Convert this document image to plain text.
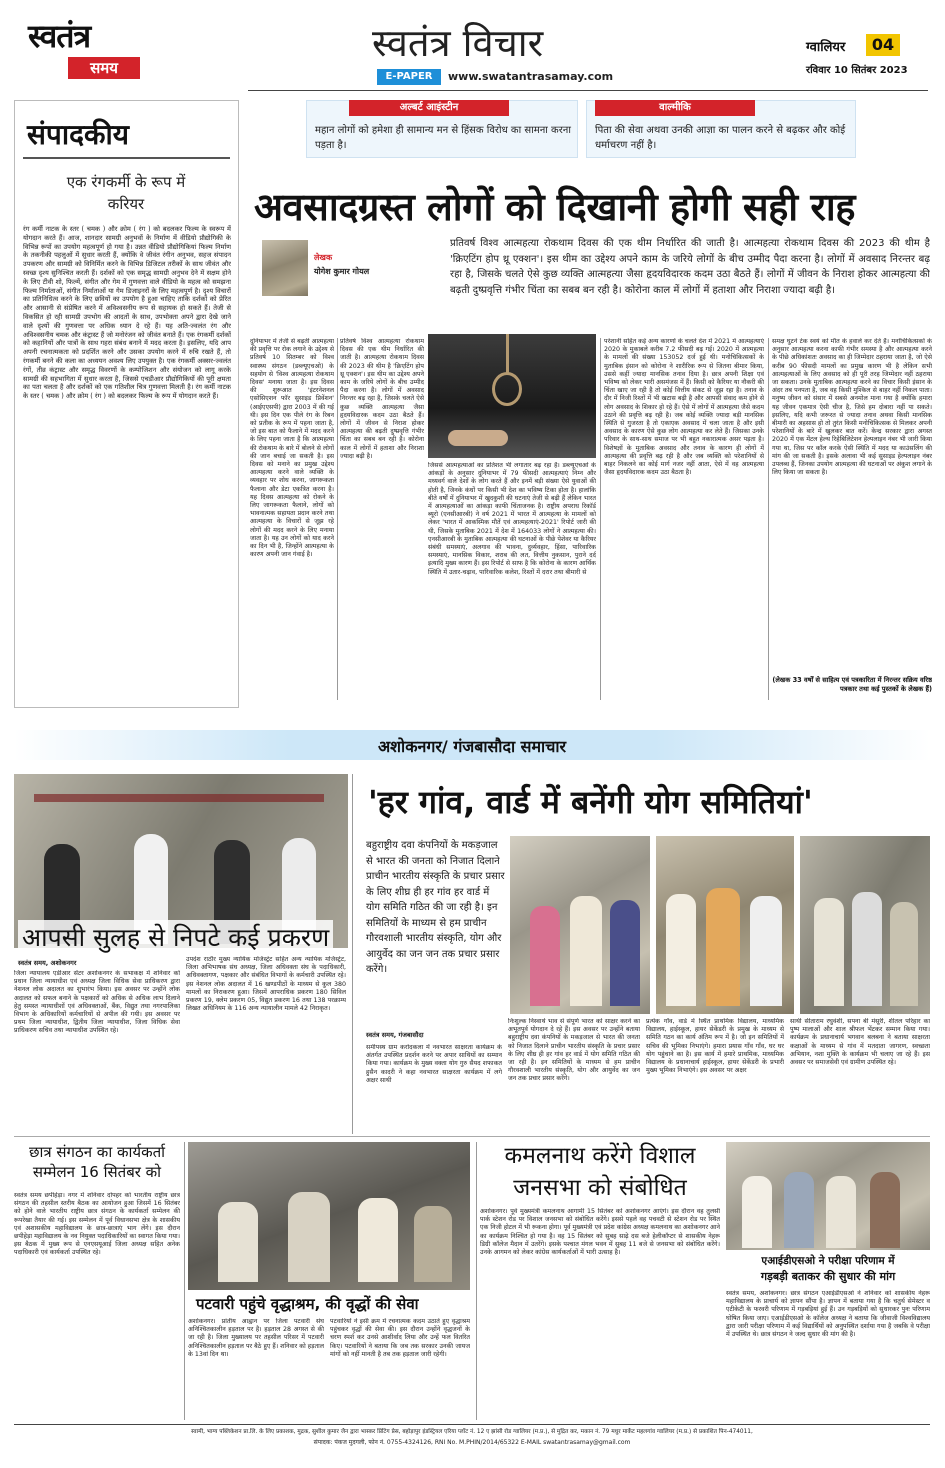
स्वतंत्र
समय
स्वतंत्र विचार
E-PAPER	www.swatantrasamay.com
ग्वालियर	04
रविवार 10 सितंबर 2023
संपादकीय
एक रंगकर्मी के रूप में करियर
रंग कर्मी नाटक के स्तर ( चमक ) और क्रोम ( रंग ) को बदलकर फिल्म के स्वरूप में योगदान करते हैं। आज, शानदार सामग्री अनुभवों के निर्माण में वीडियो प्रौद्योगिकी के विभिन्न रूपों का उपयोग महत्वपूर्ण हो गया है। उन्नत वीडियो प्रौद्योगिकियां फिल्म निर्माण के तकनीकी पहलुओं में सुधार करती हैं, क्योंकि वे जीवंत रंगीन अनुभव, सहज संपादन उपकरण और सामग्री को विनिर्मित करने के विभिन्न डिजिटल तरीकों के साथ जीवंत और स्वच्छ दृश्य सुनिश्चित करती हैं। दर्शकों को एक समृद्ध सामग्री अनुभव देने में सक्षम होने के लिए टीवी शो, फिल्में, संगीत और गेम में गुणवत्ता वाले वीडियो के महत्व को समझना फिल्म निर्माताओं, संगीत निर्माताओं या गेम डिजाइनरों के लिए महत्वपूर्ण है। दृश्य विचारों का प्रतिनिधित्व करने के लिए छवियों का उपयोग है हुआ चाहिए ताकि दर्शकों को प्रेरित और आसानी से संप्रेषित करने में अविश्वसनीय रूप से सहायक हो सकते हैं। तेजी से विकसित हो रही सामग्री उपभोग की आदतों के साथ, उपभोक्ता अपने द्वारा देखे जाने वाले दृश्यों की गुणवत्ता पर अधिक ध्यान दे रहे हैं। यह अति-ज्वलंत रंग और अविश्वसनीय चमक और कंट्रास्ट हैं जो मनोरंजन को जीवंत बनाते हैं। एक रंगकर्मी दर्शकों को कहानियों और पात्रों के साथ गहरा संबंध बनाने में मदद करता है। इसलिए, यदि आप अपनी रचनात्मकता को प्रदर्शित करने और उसका उपयोग करने में रुचि रखते हैं, तो रंगकर्मी बनने की कला का अध्ययन अवश्य लिए उपयुक्त है। एक रंगकर्मी अक्सर-ज्वलंत रंगों, तीव्र कंट्रास्ट और समृद्ध विवरणों के कम्पोजिशन और संयोजन को लागू करके सामग्री की सहभागिता में सुधार करता है, जिससे एचडीआर प्रौद्योगिकियों की पूरी क्षमता का पता चलता है और दर्शकों को एक गतिशील चित्र गुणवत्ता मिलती है। रंग कर्मी नाटक के स्तर ( चमक ) और क्रोम ( रंग ) को बदलकर फिल्म के रूप में योगदान करते हैं।
अल्बर्ट आइंस्टीन
महान लोगों को हमेशा ही सामान्य मन से हिंसक विरोध का सामना करना पड़ता है।
वाल्मीकि
पिता की सेवा अथवा उनकी आज्ञा का पालन करने से बढ़कर और कोई धर्माचरण नहीं है।
अवसादग्रस्त लोगों को दिखानी होगी सही राह
लेखक
योगेश कुमार गोयल
प्रतिवर्ष विश्व आत्महत्या रोकथाम दिवस की एक थीम निर्धारित की जाती है। आत्महत्या रोकथाम दिवस की 2023 की थीम है 'क्रिएटिंग होप थ्रू एक्शन'। इस थीम का उद्देश्य अपने काम के जरिये लोगों के बीच उम्मीद पैदा करना है। लोगों में अवसाद निरन्तर बढ़ रहा है, जिसके चलते ऐसे कुछ व्यक्ति आत्महत्या जैसा हृदयविदारक कदम उठा बैठते हैं। लोगों में जीवन के निराश होकर आत्महत्या की बढ़ती दुष्प्रवृत्ति गंभीर चिंता का सबब बन रही है। कोरोना काल में लोगों में हताशा और निराशा ज्यादा बढ़ी है।
दुनियाभर में तेजी से बढ़ती आत्महत्या की प्रवृत्ति पर रोक लगाने के उद्देश्य से प्रतिवर्ष 10 सितम्बर को विश्व स्वास्थ्य संगठन (डब्ल्यूएचओ) के सहयोग से 'विश्व आत्महत्या रोकथाम दिवस' मनाया जाता है। इस दिवस की शुरूआत 'इंटरनेशनल एसोसिएशन फॉर सुसाइड प्रिवेंशन' (आईएएसपी) द्वारा 2003 में की गई थी। इस दिन एक पीले रंग के रिबन को प्रतीक के रूप में पहना जाता है, जो इस बात को फैलाने में मदद करने के लिए पहना जाता है कि आत्महत्या की रोकथाम के बारे में बोलने से लोगों की जान बचाई जा सकती है। इस दिवस को मनाने का प्रमुख उद्देश्य आत्महत्या करने वाले व्यक्ति के व्यवहार पर शोध करना, जागरूकता फैलाना और डेटा एकत्रित करना है। यह दिवस आत्महत्या को रोकने के लिए जागरूकता फैलाने, लोगों को भावनात्मक सहायता प्रदान करने तथा आत्महत्या के विचारों से जूझ रहे लोगों की मदद करने के लिए मनाया जाता है। यह उन लोगों को याद करने का दिन भी है, जिन्होंने आत्महत्या के कारण अपनी जान गंवाई है।
प्रतिवर्ष विश्व आत्महत्या रोकथाम दिवस की एक थीम निर्धारित की जाती है। आत्महत्या रोकथाम दिवस की 2023 की थीम है 'क्रिएटिंग होप थ्रू एक्शन'। इस थीम का उद्देश्य अपने काम के जरिये लोगों के बीच उम्मीद पैदा करना है। लोगों में अवसाद निरन्तर बढ़ रहा है, जिसके चलते ऐसे कुछ व्यक्ति आत्महत्या जैसा हृदयविदारक कदम उठा बैठते हैं। लोगों में जीवन से निराश होकर आत्महत्या की बढ़ती दुष्प्रवृत्ति गंभीर चिंता का सबब बन रही है। कोरोना काल में लोगों में हताशा और निराशा ज्यादा बढ़ी है।
जिससे आत्महत्याओं का प्रतिशत भी लगातार बढ़ रहा है। डब्ल्यूएचओ के आंकड़ों के अनुसार दुनियाभर में 79 फीसदी आत्महत्याएं निम्न और मध्यवर्ग वाले देशों के लोग करते हैं और इनमें बड़ी संख्या ऐसे युवाओं की होती है, जिनके कंधों पर किसी भी देश का भविष्य टिका होता है। हालांकि बीते वर्षों में दुनियाभर में खुदकुशी की घटनाएं तेजी से बढ़ी हैं लेकिन भारत में आत्महत्याओं का आंकड़ा काफी चिंताजनक है। राष्ट्रीय अपराध रिकॉर्ड ब्यूरो (एनसीआरबी) ने वर्ष 2021 में भारत में आत्महत्या के मामलों को लेकर 'भारत में आकस्मिक मौतें एवं आत्महत्याएं-2021' रिपोर्ट जारी की थी, जिसके मुताबिक 2021 में देश में 164033 लोगों ने आत्महत्या की। एनसीआरबी के मुताबिक आत्महत्या की घटनाओं के पीछे पेशेवर या कैरियर संबंधी समस्याएं, अलगाव की भावना, दुर्व्यवहार, हिंसा, पारिवारिक समस्याएं, मानसिक विकार, शराब की लत, वित्तीय नुकसान, पुराने दर्द इत्यादि मुख्य कारण हैं। इस रिपोर्ट से साफ है कि कोरोना के कारण आर्थिक स्थिति में उतार-चढ़ाव, पारिवारिक कलेश, रिश्तों में दरार तथा बीमारी से
परेशानी सहित कई अन्य कारणों के चलते देश में 2021 में आत्महत्याएं 2020 के मुकाबले करीब 7.2 फीसदी बढ़ गई। 2020 में आत्महत्या के मामलों की संख्या 153052 दर्ज हुई थी। मनोचिकित्सकों के मुताबिक इंसान को कोरोना ने शारीरिक रूप से जितना बीमार किया, उससे कहीं ज्यादा मानसिक तनाव दिया है। छात्र अपनी शिक्षा एवं भविष्य को लेकर भारी असमंजस में हैं। किसी को कैरियर या नौकरी की चिंता खाए जा रही है तो कोई वित्तीय संकट से जूझ रहा है। तनाव के दौर में निजी रिश्तों में भी खटास बढ़ी है और आपसी संवाद कम होने से लोग अवसाद के शिकार हो रहे हैं। ऐसे में लोगों में आत्महत्या जैसे कदम उठाने की प्रवृत्ति बढ़ रही है। जब कोई व्यक्ति ज्यादा बड़ी मानसिक स्थिति से गुजरता है तो एकाएक अवसाद में चला जाता है और इसी अवसाद के कारण ऐसे कुछ लोग आत्महत्या कर लेते हैं। जिसका उनके परिवार के साथ-साथ समाज पर भी बहुत नकारात्मक असर पड़ता है। विशेषज्ञों के मुताबिक अवसाद और तनाव के कारण ही लोगों में आत्महत्या की प्रवृत्ति बढ़ रही है और जब व्यक्ति को परेशानियों से बाहर निकलने का कोई मार्ग नजर नहीं आता, ऐसे में वह आत्महत्या जैसा हृदयविदारक कदम उठा बैठता है।
समक्ष घुटने टेक स्वयं को मौत के हवाले कर देते हैं। मनोचिकित्सकों के अनुसार आत्महत्या करना काफी गंभीर समस्या है और आत्महत्या करने के पीछे अधिकांशतः अवसाद का ही जिम्मेदार ठहराया जाता है, जो ऐसे करीब 90 फीसदी मामलों का प्रमुख कारण भी है लेकिन सभी आत्महत्याओं के लिए अवसाद को ही पूरी तरह जिम्मेदार नहीं ठहराया जा सकता। उनके मुताबिक आत्महत्या करने का विचार किसी इंसान के अंदर तब पनपता है, जब वह किसी मुश्किल से बाहर नहीं निकल पाता। मनुष्य जीवन को संसार में सबसे अनमोल माना गया है क्योंकि हमारा यह जीवन एकमात्र ऐसी चीज है, जिसे हम दोबारा नहीं पा सकते। इसलिए, यदि कभी जरूरत से ज्यादा तनाव अथवा किसी मानसिक बीमारी का अहसास हो तो तुरंत किसी मनोचिकित्सक से मिलकर अपनी परेशानियों के बारे में खुलकर बात करें। केन्द्र सरकार द्वारा अगस्त 2020 में एक मेंटल हेल्थ रिहेबिलिटेशन हेल्पलाइन नंबर भी जारी किया गया था, जिस पर कॉल करके ऐसी स्थिति में मदद या काउंसलिंग की मांग की जा सकती है। इसके अलावा भी कई सुसाइड हेल्पलाइन नंबर उपलब्ध हैं, जिनका उपयोग आत्महत्या की घटनाओं पर अंकुश लगाने के लिए किया जा सकता है।
(लेखक 33 वर्षों से साहित्य एवं पत्रकारिता में निरन्तर सक्रिय वरिष्ठ पत्रकार तथा कई पुस्तकों के लेखक हैं)
अशोकनगर/ गंजबासौदा समाचार
आपसी सुलह से निपटे कई प्रकरण
स्वतंत्र समय, अशोकनगर
जिला न्यायालय एडीआर सेंटर अशोकनगर के सभाकक्ष में शनिवार को प्रधान जिला न्यायाधीश एवं अध्यक्ष जिला विधिक सेवा प्राधिकरण द्वारा नेशनल लोक अदालत का शुभारंभ किया। इस अवसर पर उन्होंने लोक अदालत को सफल बनाने के पक्षकारों को अधिक से अधिक लाभ दिलाने हेतु समस्त न्यायाधीशों एवं अधिवक्ताओं, बैंक, विद्युत तथा नगरपालिका विभाग के अधिकारियों कर्मचारियों से अपील की गयी। इस अवसर पर प्रथम जिला न्यायाधीश, द्वितीय जिला न्यायाधीश, जिला विधिक सेवा प्राधिकरण सचिव तथा न्यायाधीश उपस्थित रहे।
उपदेश राठौर मुख्य न्यायिक मजिस्ट्रेट सहित अन्य न्यायिक मजिस्ट्रेट, जिला अभिभाषक संघ अध्यक्ष, जिला अधिवक्ता संघ के पदाधिकारी, अधिवक्तागण, पक्षकार और संबंधित विभागों के कर्मचारी उपस्थित रहे। इस नेशनल लोक अदालत में 16 खण्डपीठों के माध्यम से कुल 380 मामलों का निराकरण हुआ। जिसमें आपराधिक प्रकरण 180 सिविल प्रकरण 19, क्लेम प्रकरण 05, विद्युत प्रकरण 16 तथा 138 परक्राम्य लिखत अधिनियम के 116 अन्य न्यायालीन मामले 42 निराकृत।
'हर गांव, वार्ड में बनेंगी योग समितियां'
बहुराष्ट्रीय दवा कंपनियों के मकड़जाल से भारत की जनता को निजात दिलाने प्राचीन भारतीय संस्कृति के प्रचार प्रसार के लिए शीघ्र ही हर गांव हर वार्ड में योग समिति गठित की जा रही है। इन समितियों के माध्यम से हम प्राचीन गौरवशाली भारतीय संस्कृति, योग और आयुर्वेद का जन जन तक प्रचार प्रसार करेंगे।
स्वतंत्र समय, गंजबासौदा
समीपस्थ ग्राम करोदकला में नवभारत साक्षरता कार्यक्रम के अंतर्गत उपस्थित प्रदर्शन करने पर अपार साथियों का सम्मान किया गया। कार्यक्रम के मुख्य वक्ता योग गुरु सैयद शफाकत हुसैन कादरी ने कहा नवभारत साक्षरता कार्यक्रम में लगे अक्षर साथी
निःशुल्क निस्वार्थ भाव से संपूर्ण भारत को साक्षर करने का अभूतपूर्व योगदान दे रहे हैं। इस अवसर पर उन्होंने बताया बहुराष्ट्रीय दवा कंपनियों के मकड़जाल से भारत की जनता को निजात दिलाने प्राचीन भारतीय संस्कृति के प्रचार प्रसार के लिए शीघ्र ही हर गांव हर वार्ड में योग समिति गठित की जा रही है। इन समितियों के माध्यम से हम प्राचीन गौरवशाली भारतीय संस्कृति, योग और आयुर्वेद का जन जन तक प्रचार प्रसार करेंगे।
प्रत्येक गाँव, वार्ड में स्थित प्राथमिक विद्यालय, माध्यमिक विद्यालय, हाईस्कूल, हायर सेकेंडरी के प्रमुख के माध्यम से समिति गठन का कार्य अंतिम रूप में है। जो इन समितियों में सचिव की भूमिका निभाएंगे। हमारा प्रयास गाँव गाँव, घर घर योग पहुंचाने का है। इस कार्य में हमारे प्राथमिक, माध्यमिक विद्यालय के प्रधानाचार्य हाईस्कूल, हायर सेकेंडरी के प्रभारी मुख्य भूमिका निभाएंगे। इस अवसर पर अक्षर
साथी सीताराम रघुवंशी, सपना बी मंसूरी, शीतल परिहार का पुष्प मालाओं और शाल श्रीफल भेंटकर सम्मान किया गया। कार्यक्रम के प्रधानाचार्य भगवान बलबना ने बताया साक्षरता कक्षाओं के माध्यम से गांव में मतदाता जागरण, स्वच्छता अभियान, नशा मुक्ति के कार्यक्रम भी चलाए जा रहे हैं। इस अवसर पर समाजसेवी एवं ग्रामीण उपस्थित रहे।
छात्र संगठन का कार्यकर्ता
सम्मेलन 16 सितंबर को
स्वतंत्र समय छपीहेड़ा। नगर में शनिवार दोपहर को भारतीय राष्ट्रीय छात्र संगठन की तहसील स्तरीय बैठक का आयोजन हुआ जिसमें 16 सितंबर को होने वाले भारतीय राष्ट्रीय छात्र संगठन के कार्यकर्ता सम्मेलन की रूपरेखा तैयार की गई। इस सम्मेलन में पूर्व विधानसभा क्षेत्र के शासकीय एवं अशासकीय महाविद्यालय के छात्र-छात्राएं भाग लेंगे। इस दौरान छपीहेड़ा महाविद्यालय के नव नियुक्त पदाधिकारियों का स्वागत किया गया। इस बैठक में मुख्य रूप से एनएसयूआई जिला अध्यक्ष सहित अनेक पदाधिकारी एवं कार्यकर्ता उपस्थित रहे।
पटवारी पहुंचे वृद्धाश्रम, की वृद्धों की सेवा
अशोकनगर। प्रांतीय आह्वान पर जिला पटवारी संघ अनिश्चितकालीन हड़ताल पर है। हड़ताल 28 अगस्त से की जा रही है। जिला मुख्यालय पर तहसील परिसर में पटवारी अनिश्चितकालीन हड़ताल पर बैठे हुए हैं। शनिवार को हड़ताल के 13वां दिन था।
पटवारियों ने इसी क्रम में रचनात्मक कदम उठाते हुए वृद्धाश्रम पहुंचकर वृद्धों की सेवा की। इस दौरान उन्होंने वृद्धजनों के चरण स्पर्श कर उनसे आशीर्वाद लिया और उन्हें फल वितरित किए। पटवारियों ने बताया कि जब तक सरकार उनकी जायज मांगों को नहीं मानती है तब तक हड़ताल जारी रहेगी।
कमलनाथ करेंगे विशाल
जनसभा को संबोधित
अशोकनगर। पूर्व मुख्यमंत्री कमलनाथ आगामी 15 सितंबर को अशोकनगर आएंगे। इस दौरान वह तुलसी पार्क स्टेशन रोड पर विशाल जनसभा को संबोधित करेंगे। इससे पहले वह पचवटी से स्टेशन रोड पर स्थित एक निजी होटल में भी रूकना होगा। पूर्व मुख्यमंत्री एवं प्रदेश कांग्रेस अध्यक्ष कमलनाथ का अशोकनगर आने का कार्यक्रम निश्चित हो गया है। वह 15 सितंबर को सुबह साढ़े दस बजे हेलीकॉप्टर से शासकीय नेहरू डिग्री कॉलेज मैदान में उतरेंगे। इसके पश्चात मंगल भवन में सुबह 11 बजे से जनसभा को संबोधित करेंगे। उनके आगमन को लेकर कांग्रेस कार्यकर्ताओं में भारी उत्साह है।
एआईडीएसओ ने परीक्षा परिणाम में
गड़बड़ी बताकर की सुधार की मांग
स्वतंत्र समय, अशोकनगर। छात्र संगठन एआईडीएसओ ने शनिवार को शासकीय नेहरू महाविद्यालय के प्राचार्य को ज्ञापन सौंपा है। ज्ञापन में बताया गया है कि चतुर्थ सेमेस्टर व एटीकेटी के फरवरी परिणाम में गड़बड़ियां हुई हैं। उन गड़बड़ियों को सुधारकर पुनः परिणाम घोषित किया जाए। एआईडीएसओ के कॉलेज अध्यक्ष ने बताया कि जीवाजी विश्वविद्यालय द्वारा जारी परीक्षा परिणाम में कई विद्यार्थियों को अनुपस्थित दर्शाया गया है जबकि वे परीक्षा में उपस्थित थे। छात्र संगठन ने जल्द सुधार की मांग की है।
स्वामी, भाग्य पब्लिकेशन प्रा.लि. के लिए प्रकाशक, मुद्रक, सुशील कुमार जैन द्वारा भास्कर प्रिंटिंग प्रेस, बहोड़ापुर इंडस्ट्रियल एरिया प्लॉट नं. 12 ए झांसी रोड ग्वालियर (म.प्र.), से मुद्रित कर, मकान नं. 79 मधुर मार्केट महलगांव ग्वालियर (म.प्र.) से प्रकाशित पिन-474011,
संपादक: पंकज मुदगली, फोन नं. 0755-4324126, RNI No. M.PHIN/2014/65322 E-MAIL swatantrasamay@gmail.com
